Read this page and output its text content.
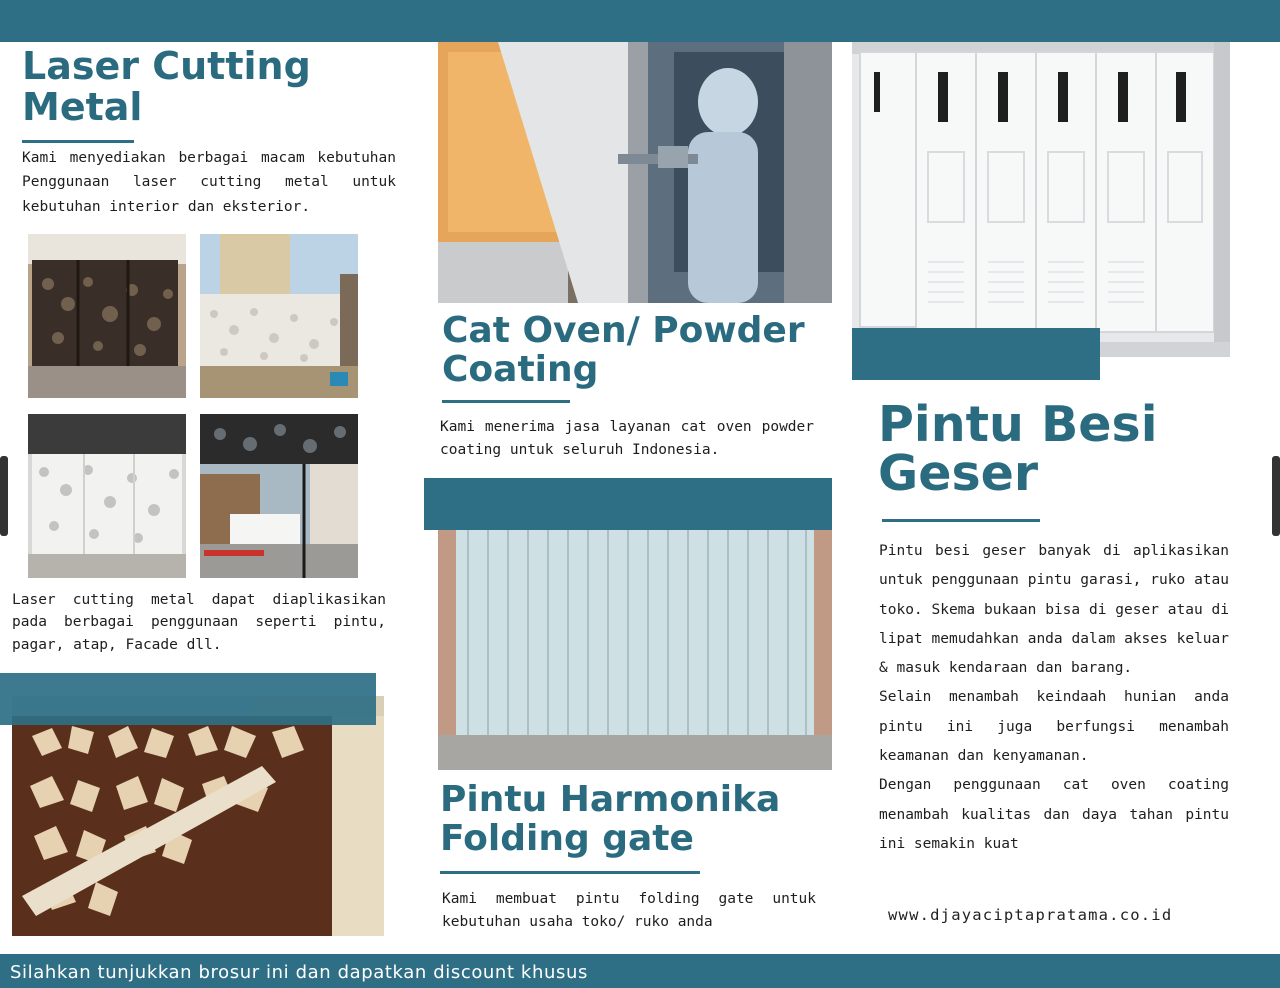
Laser Cutting
Metal

Kami menyediakan berbagai macam kebutuhan Penggunaan laser cutting metal untuk kebutuhan interior dan eksterior.

Laser cutting metal dapat diaplikasikan pada berbagai penggunaan seperti pintu, pagar, atap, Facade dll.

Cat Oven/ Powder
Coating

Kami menerima jasa layanan cat oven powder coating untuk seluruh Indonesia.

Pintu Harmonika
Folding gate

Kami membuat pintu folding gate untuk kebutuhan usaha toko/ ruko anda

Pintu Besi
Geser
Pintu besi geser banyak di aplikasikan untuk penggunaan pintu garasi, ruko atau toko. Skema bukaan bisa di geser atau di lipat memudahkan anda dalam akses keluar & masuk kendaraan dan barang.
Selain menambah keindaah hunian anda pintu ini juga berfungsi menambah keamanan dan kenyamanan.
Dengan penggunaan cat oven coating menambah kualitas dan daya tahan pintu ini semakin kuat
www.djayaciptapratama.co.id
Silahkan tunjukkan brosur ini dan dapatkan discount khusus
